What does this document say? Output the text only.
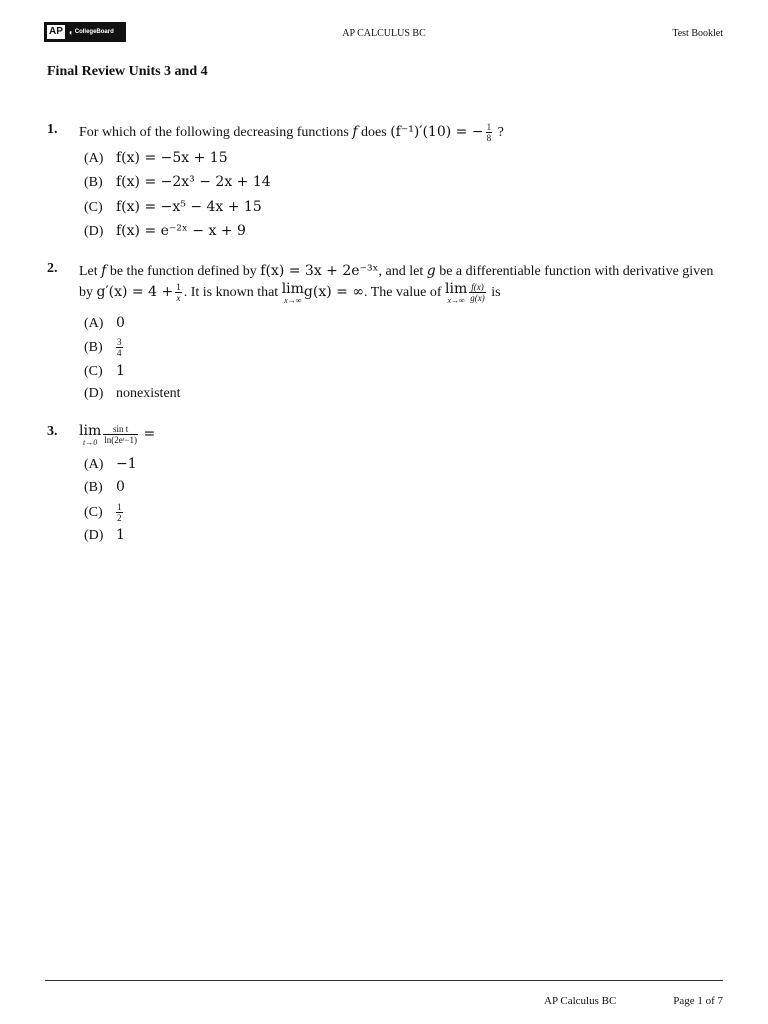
AP ◐ CollegeBoard	AP CALCULUS BC	Test Booklet
Final Review Units 3 and 4
1. For which of the following decreasing functions f does (f⁻¹)′(10) = − $\frac{1}{8}$ ?
(A) f(x) = −5x + 15
(B) f(x) = −2x³ − 2x + 14
(C) f(x) = −x⁵ − 4x + 15
(D) f(x) = e⁻²ˣ − x + 9
2. Let f be the function defined by f(x) = 3x + 2e⁻³ˣ, and let g be a differentiable function with derivative given
by $g'(x) = 4 + \frac{1}{x}$ . It is known that lim
x→∞
g(x) = ∞. The value of lim
$x\to\infty \frac{f(x)}{g(x)}$ is
(A) 0
$(B) \frac{3}{4}$
(C) 1
(D) nonexistent
3. lim
$t\to 0 \frac{\text{sin t}}{\text{ln(2eᵗ−1)}}$ =
(A) −1
(B) 0
$(C) \frac{1}{2}$
(D) 1
AP Calculus BC	Page 1 of 7
